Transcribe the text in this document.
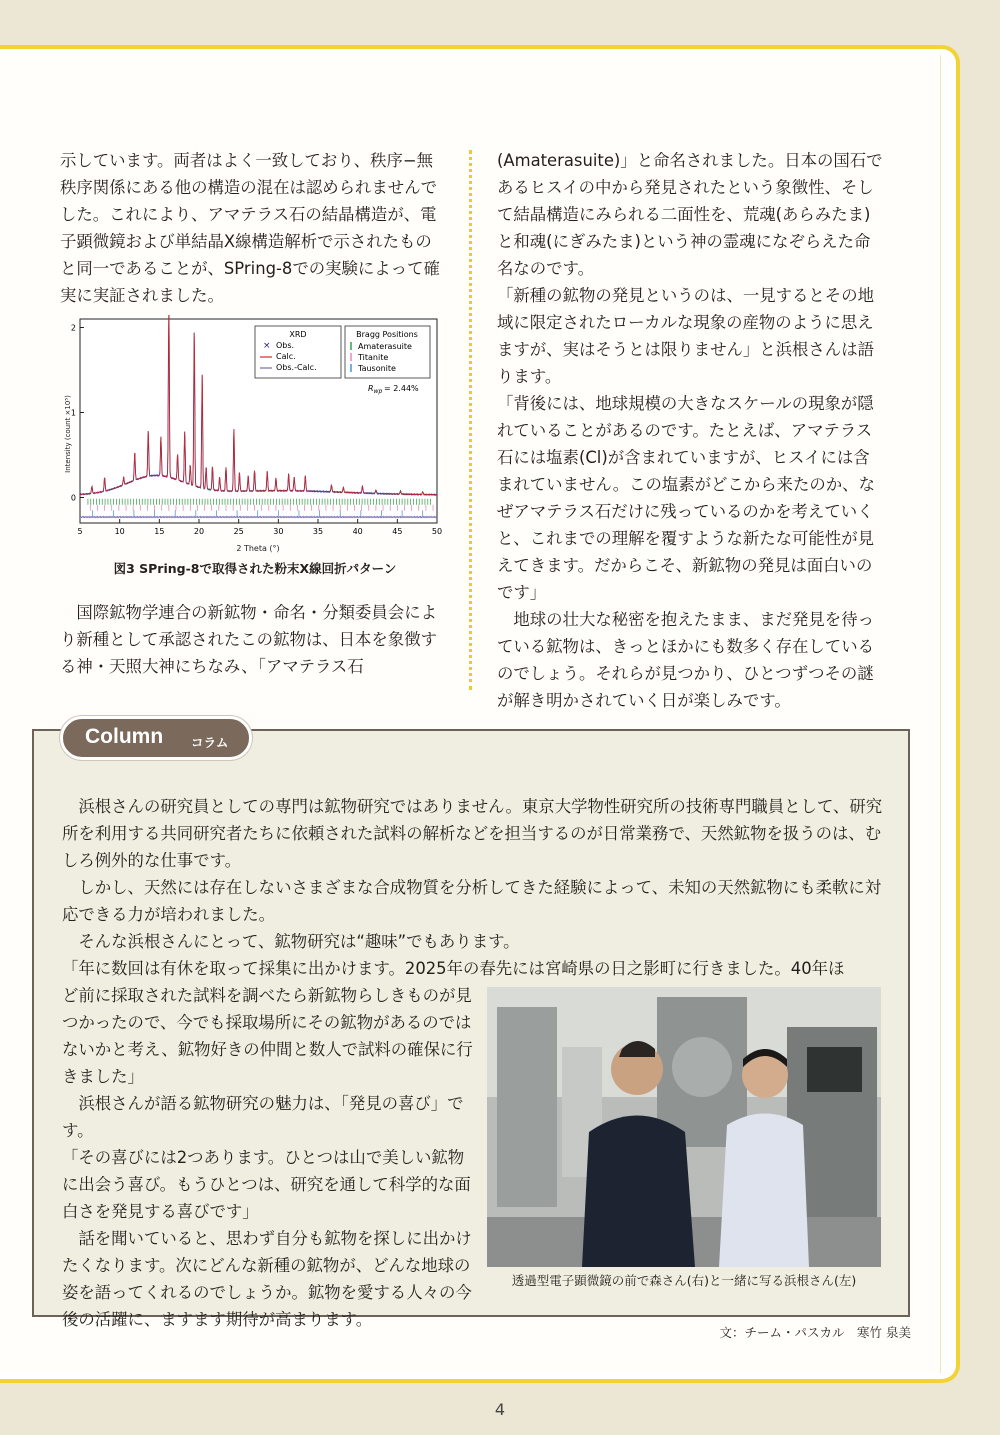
示しています。両者はよく一致しており、秩序−無秩序関係にある他の構造の混在は認められませんでした。これにより、アマテラス石の結晶構造が、電子顕微鏡および単結晶X線構造解析で示されたものと同一であることが、SPring-8での実験によって確実に実証されました。

Intensity (count ×10⁵)
2 Theta (°)
5	10	15	20	25	30	35	40	45	50
0
1
2
XRD
× Obs.
Calc.
Obs.-Calc.
Bragg Positions
Amaterasuite
Titanite
Tausonite
$R_{wp} = 2.44\%$
図3 SPring-8で取得された粉末X線回折パターン

国際鉱物学連合の新鉱物・命名・分類委員会により新種として承認されたこの鉱物は、日本を象徴する神・天照大神にちなみ、「アマテラス石

(Amaterasuite)」と命名されました。日本の国石であるヒスイの中から発見されたという象徴性、そして結晶構造にみられる二面性を、荒魂(あらみたま)と和魂(にぎみたま)という神の霊魂になぞらえた命名なのです。

「新種の鉱物の発見というのは、一見するとその地域に限定されたローカルな現象の産物のように思えますが、実はそうとは限りません」と浜根さんは語ります。

「背後には、地球規模の大きなスケールの現象が隠れていることがあるのです。たとえば、アマテラス石には塩素(Cl)が含まれていますが、ヒスイには含まれていません。この塩素がどこから来たのか、なぜアマテラス石だけに残っているのかを考えていくと、これまでの理解を覆すような新たな可能性が見えてきます。だからこそ、新鉱物の発見は面白いのです」

地球の壮大な秘密を抱えたまま、まだ発見を待っている鉱物は、きっとほかにも数多く存在しているのでしょう。それらが見つかり、ひとつずつその謎が解き明かされていく日が楽しみです。

Column コラム

浜根さんの研究員としての専門は鉱物研究ではありません。東京大学物性研究所の技術専門職員として、研究所を利用する共同研究者たちに依頼された試料の解析などを担当するのが日常業務で、天然鉱物を扱うのは、むしろ例外的な仕事です。

しかし、天然には存在しないさまざまな合成物質を分析してきた経験によって、未知の天然鉱物にも柔軟に対応できる力が培われました。

そんな浜根さんにとって、鉱物研究は“趣味”でもあります。

「年に数回は有休を取って採集に出かけます。2025年の春先には宮崎県の日之影町に行きました。40年ほ

ど前に採取された試料を調べたら新鉱物らしきものが見つかったので、今でも採取場所にその鉱物があるのではないかと考え、鉱物好きの仲間と数人で試料の確保に行きました」

浜根さんが語る鉱物研究の魅力は、「発見の喜び」です。

「その喜びには2つあります。ひとつは山で美しい鉱物に出会う喜び。もうひとつは、研究を通して科学的な面白さを発見する喜びです」

話を聞いていると、思わず自分も鉱物を探しに出かけたくなります。次にどんな新種の鉱物が、どんな地球の姿を語ってくれるのでしょうか。鉱物を愛する人々の今後の活躍に、ますます期待が高まります。

透過型電子顕微鏡の前で森さん(右)と一緒に写る浜根さん(左)
文：チーム・パスカル　寒竹 泉美
4
